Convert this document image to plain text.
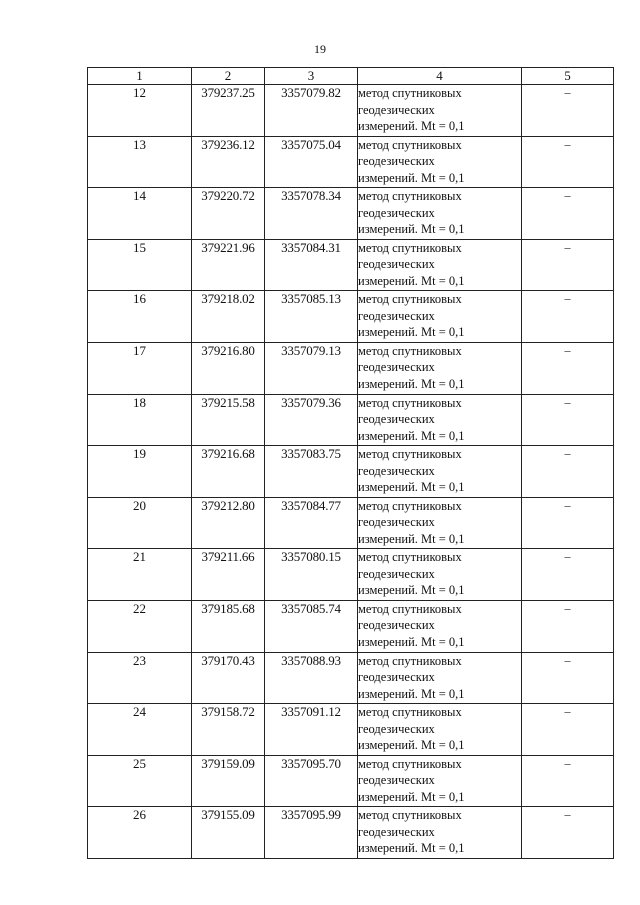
19
1	2	3	4	5
12	379237.25	3357079.82	метод спутниковых
геодезических
измерений. Mt = 0,1	–
13	379236.12	3357075.04	метод спутниковых
геодезических
измерений. Mt = 0,1	–
14	379220.72	3357078.34	метод спутниковых
геодезических
измерений. Mt = 0,1	–
15	379221.96	3357084.31	метод спутниковых
геодезических
измерений. Mt = 0,1	–
16	379218.02	3357085.13	метод спутниковых
геодезических
измерений. Mt = 0,1	–
17	379216.80	3357079.13	метод спутниковых
геодезических
измерений. Mt = 0,1	–
18	379215.58	3357079.36	метод спутниковых
геодезических
измерений. Mt = 0,1	–
19	379216.68	3357083.75	метод спутниковых
геодезических
измерений. Mt = 0,1	–
20	379212.80	3357084.77	метод спутниковых
геодезических
измерений. Mt = 0,1	–
21	379211.66	3357080.15	метод спутниковых
геодезических
измерений. Mt = 0,1	–
22	379185.68	3357085.74	метод спутниковых
геодезических
измерений. Mt = 0,1	–
23	379170.43	3357088.93	метод спутниковых
геодезических
измерений. Mt = 0,1	–
24	379158.72	3357091.12	метод спутниковых
геодезических
измерений. Mt = 0,1	–
25	379159.09	3357095.70	метод спутниковых
геодезических
измерений. Mt = 0,1	–
26	379155.09	3357095.99	метод спутниковых
геодезических
измерений. Mt = 0,1	–
